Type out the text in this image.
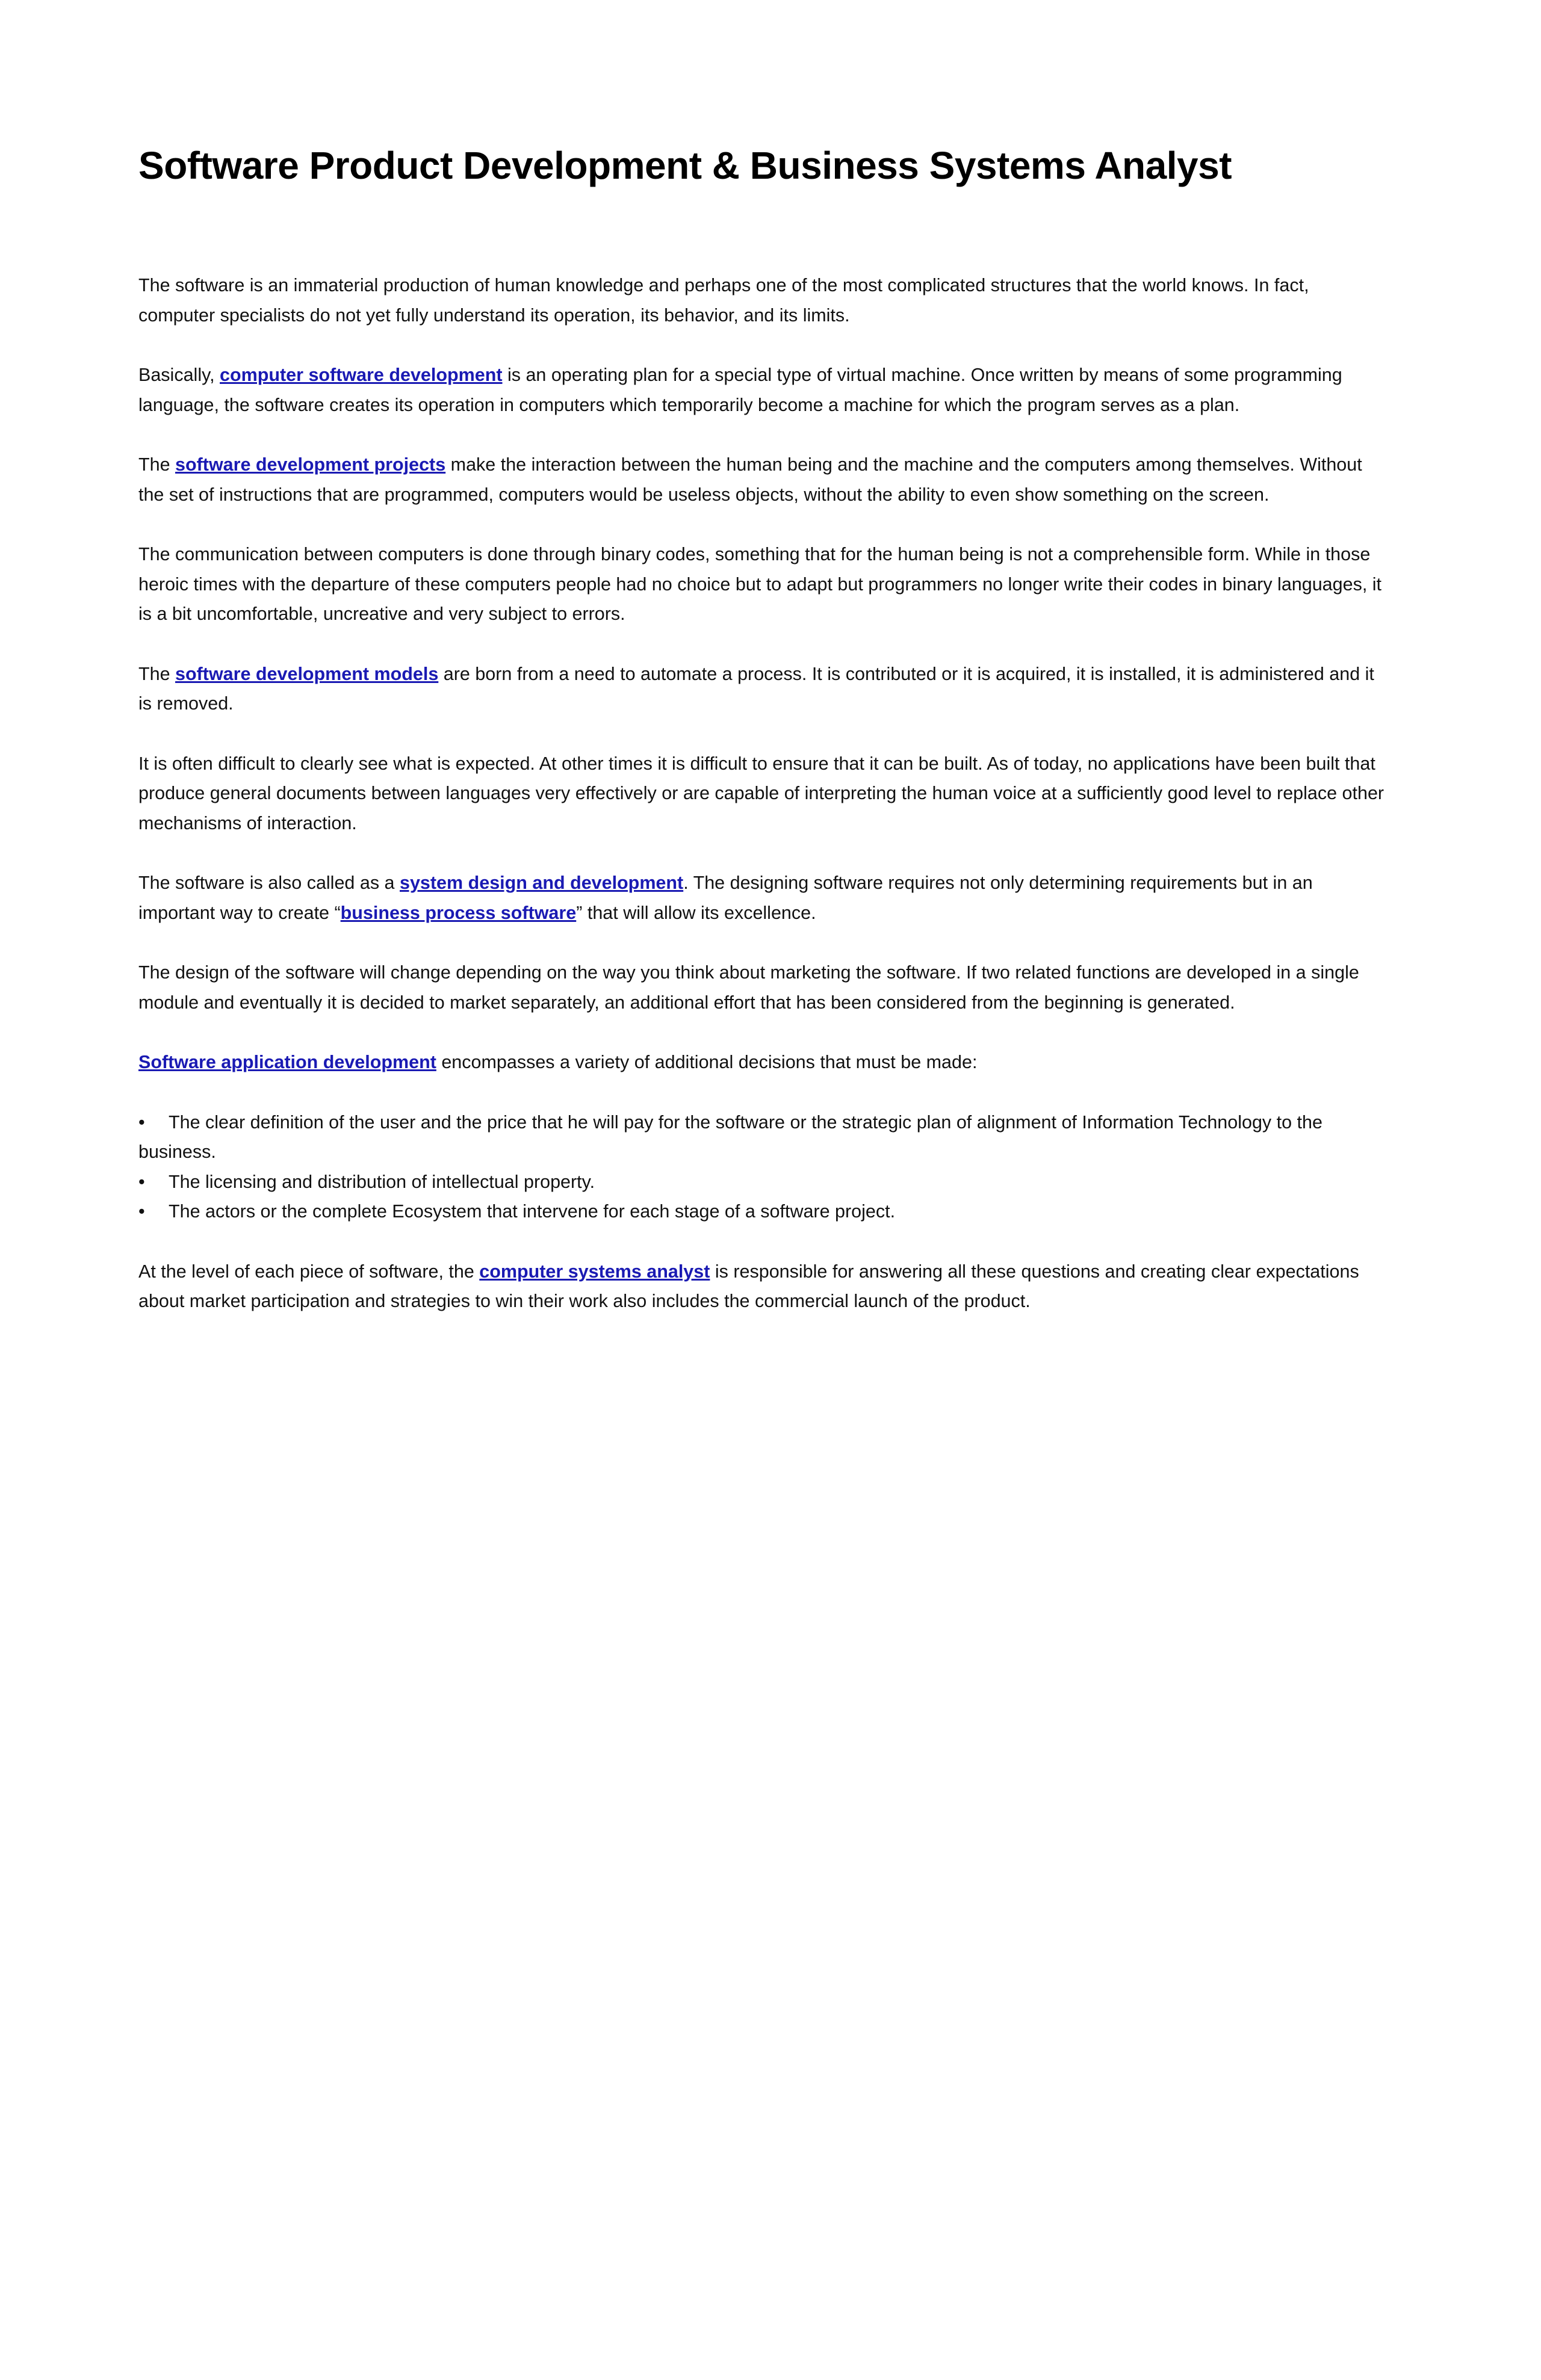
Software Product Development & Business Systems Analyst

The software is an immaterial production of human knowledge and perhaps one of the most complicated structures that the world knows. In fact, computer specialists do not yet fully understand its operation, its behavior, and its limits.

Basically, computer software development is an operating plan for a special type of virtual machine. Once written by means of some programming language, the software creates its operation in computers which temporarily become a machine for which the program serves as a plan.

The software development projects make the interaction between the human being and the machine and the computers among themselves. Without the set of instructions that are programmed, computers would be useless objects, without the ability to even show something on the screen.

The communication between computers is done through binary codes, something that for the human being is not a comprehensible form. While in those heroic times with the departure of these computers people had no choice but to adapt but programmers no longer write their codes in binary languages, it is a bit uncomfortable, uncreative and very subject to errors.

The software development models are born from a need to automate a process. It is contributed or it is acquired, it is installed, it is administered and it is removed.

It is often difficult to clearly see what is expected. At other times it is difficult to ensure that it can be built. As of today, no applications have been built that produce general documents between languages very effectively or are capable of interpreting the human voice at a sufficiently good level to replace other mechanisms of interaction.

The software is also called as a system design and development. The designing software requires not only determining requirements but in an important way to create “business process software” that will allow its excellence.

The design of the software will change depending on the way you think about marketing the software. If two related functions are developed in a single module and eventually it is decided to market separately, an additional effort that has been considered from the beginning is generated.

Software application development encompasses a variety of additional decisions that must be made:

• The clear definition of the user and the price that he will pay for the software or the strategic plan of alignment of Information Technology to the business.
• The licensing and distribution of intellectual property.
• The actors or the complete Ecosystem that intervene for each stage of a software project.

At the level of each piece of software, the computer systems analyst is responsible for answering all these questions and creating clear expectations about market participation and strategies to win their work also includes the commercial launch of the product.
